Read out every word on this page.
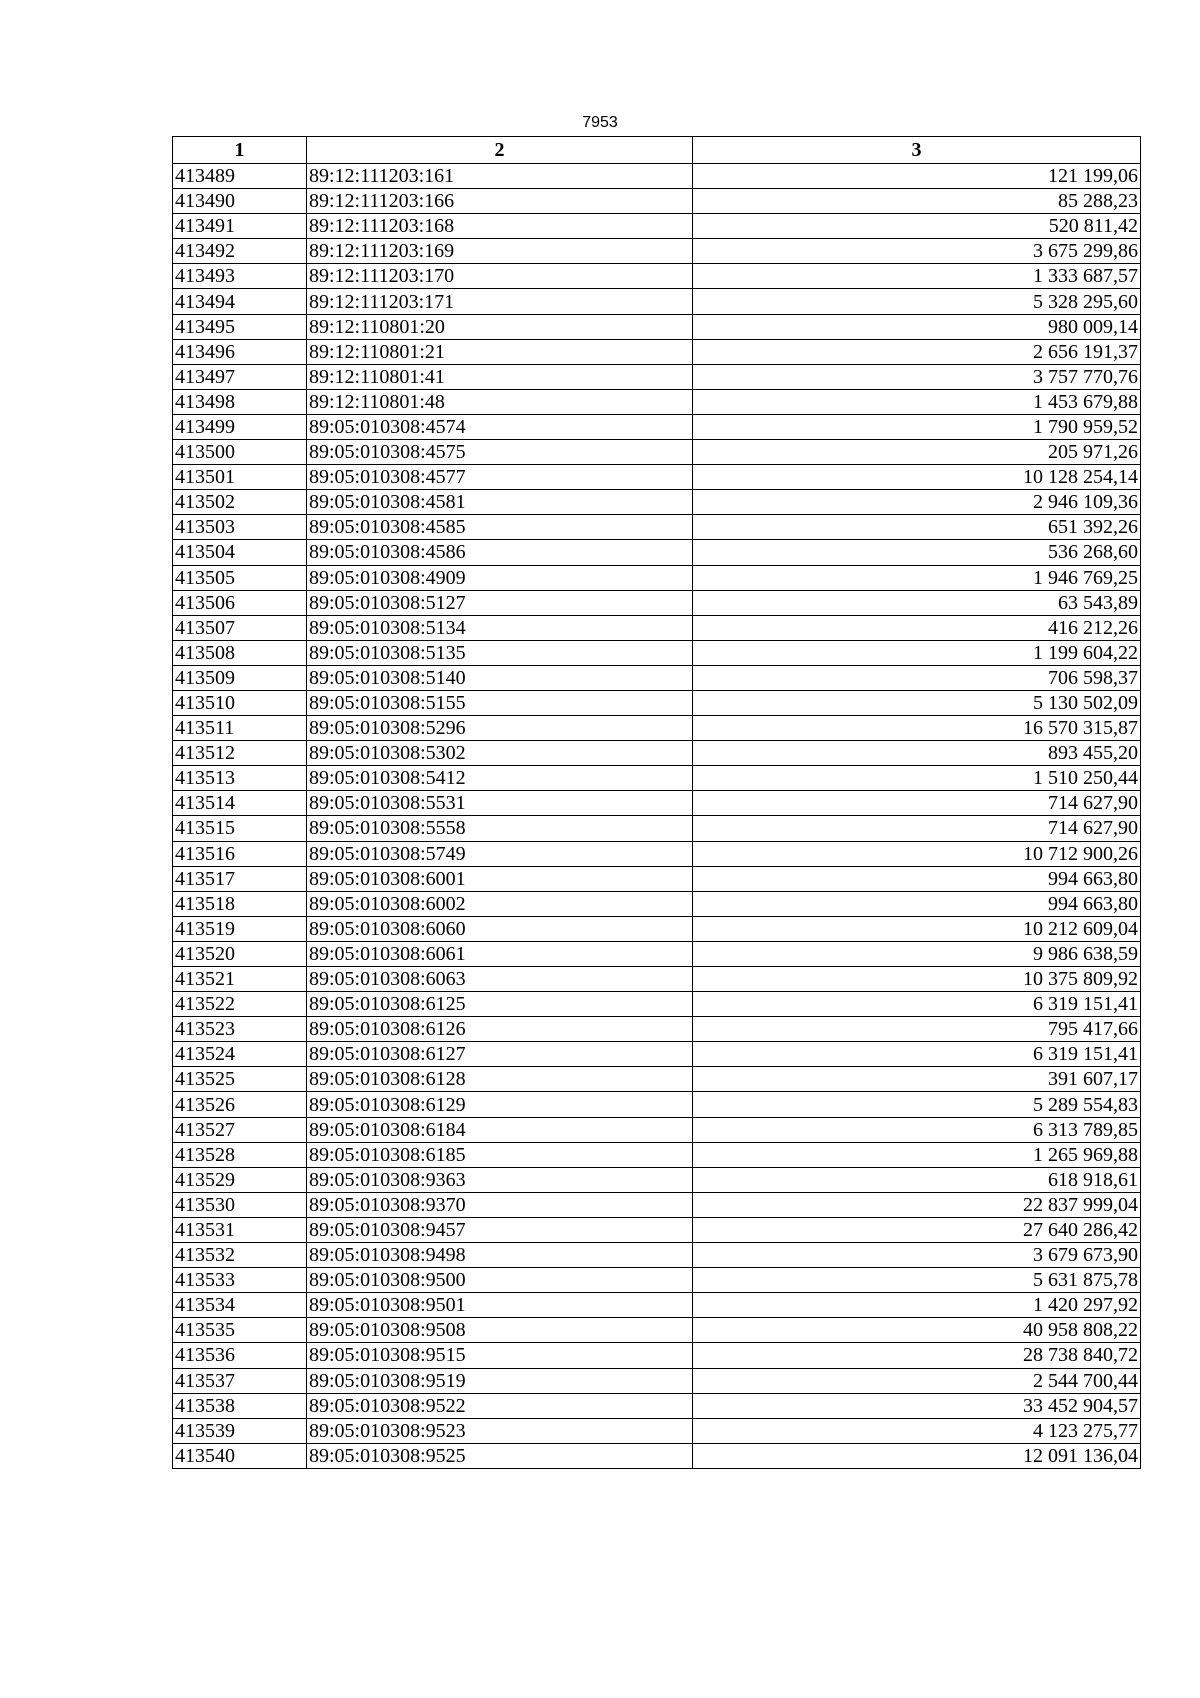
7953
1	2	3
413489	89:12:111203:161	121 199,06
413490	89:12:111203:166	85 288,23
413491	89:12:111203:168	520 811,42
413492	89:12:111203:169	3 675 299,86
413493	89:12:111203:170	1 333 687,57
413494	89:12:111203:171	5 328 295,60
413495	89:12:110801:20	980 009,14
413496	89:12:110801:21	2 656 191,37
413497	89:12:110801:41	3 757 770,76
413498	89:12:110801:48	1 453 679,88
413499	89:05:010308:4574	1 790 959,52
413500	89:05:010308:4575	205 971,26
413501	89:05:010308:4577	10 128 254,14
413502	89:05:010308:4581	2 946 109,36
413503	89:05:010308:4585	651 392,26
413504	89:05:010308:4586	536 268,60
413505	89:05:010308:4909	1 946 769,25
413506	89:05:010308:5127	63 543,89
413507	89:05:010308:5134	416 212,26
413508	89:05:010308:5135	1 199 604,22
413509	89:05:010308:5140	706 598,37
413510	89:05:010308:5155	5 130 502,09
413511	89:05:010308:5296	16 570 315,87
413512	89:05:010308:5302	893 455,20
413513	89:05:010308:5412	1 510 250,44
413514	89:05:010308:5531	714 627,90
413515	89:05:010308:5558	714 627,90
413516	89:05:010308:5749	10 712 900,26
413517	89:05:010308:6001	994 663,80
413518	89:05:010308:6002	994 663,80
413519	89:05:010308:6060	10 212 609,04
413520	89:05:010308:6061	9 986 638,59
413521	89:05:010308:6063	10 375 809,92
413522	89:05:010308:6125	6 319 151,41
413523	89:05:010308:6126	795 417,66
413524	89:05:010308:6127	6 319 151,41
413525	89:05:010308:6128	391 607,17
413526	89:05:010308:6129	5 289 554,83
413527	89:05:010308:6184	6 313 789,85
413528	89:05:010308:6185	1 265 969,88
413529	89:05:010308:9363	618 918,61
413530	89:05:010308:9370	22 837 999,04
413531	89:05:010308:9457	27 640 286,42
413532	89:05:010308:9498	3 679 673,90
413533	89:05:010308:9500	5 631 875,78
413534	89:05:010308:9501	1 420 297,92
413535	89:05:010308:9508	40 958 808,22
413536	89:05:010308:9515	28 738 840,72
413537	89:05:010308:9519	2 544 700,44
413538	89:05:010308:9522	33 452 904,57
413539	89:05:010308:9523	4 123 275,77
413540	89:05:010308:9525	12 091 136,04
